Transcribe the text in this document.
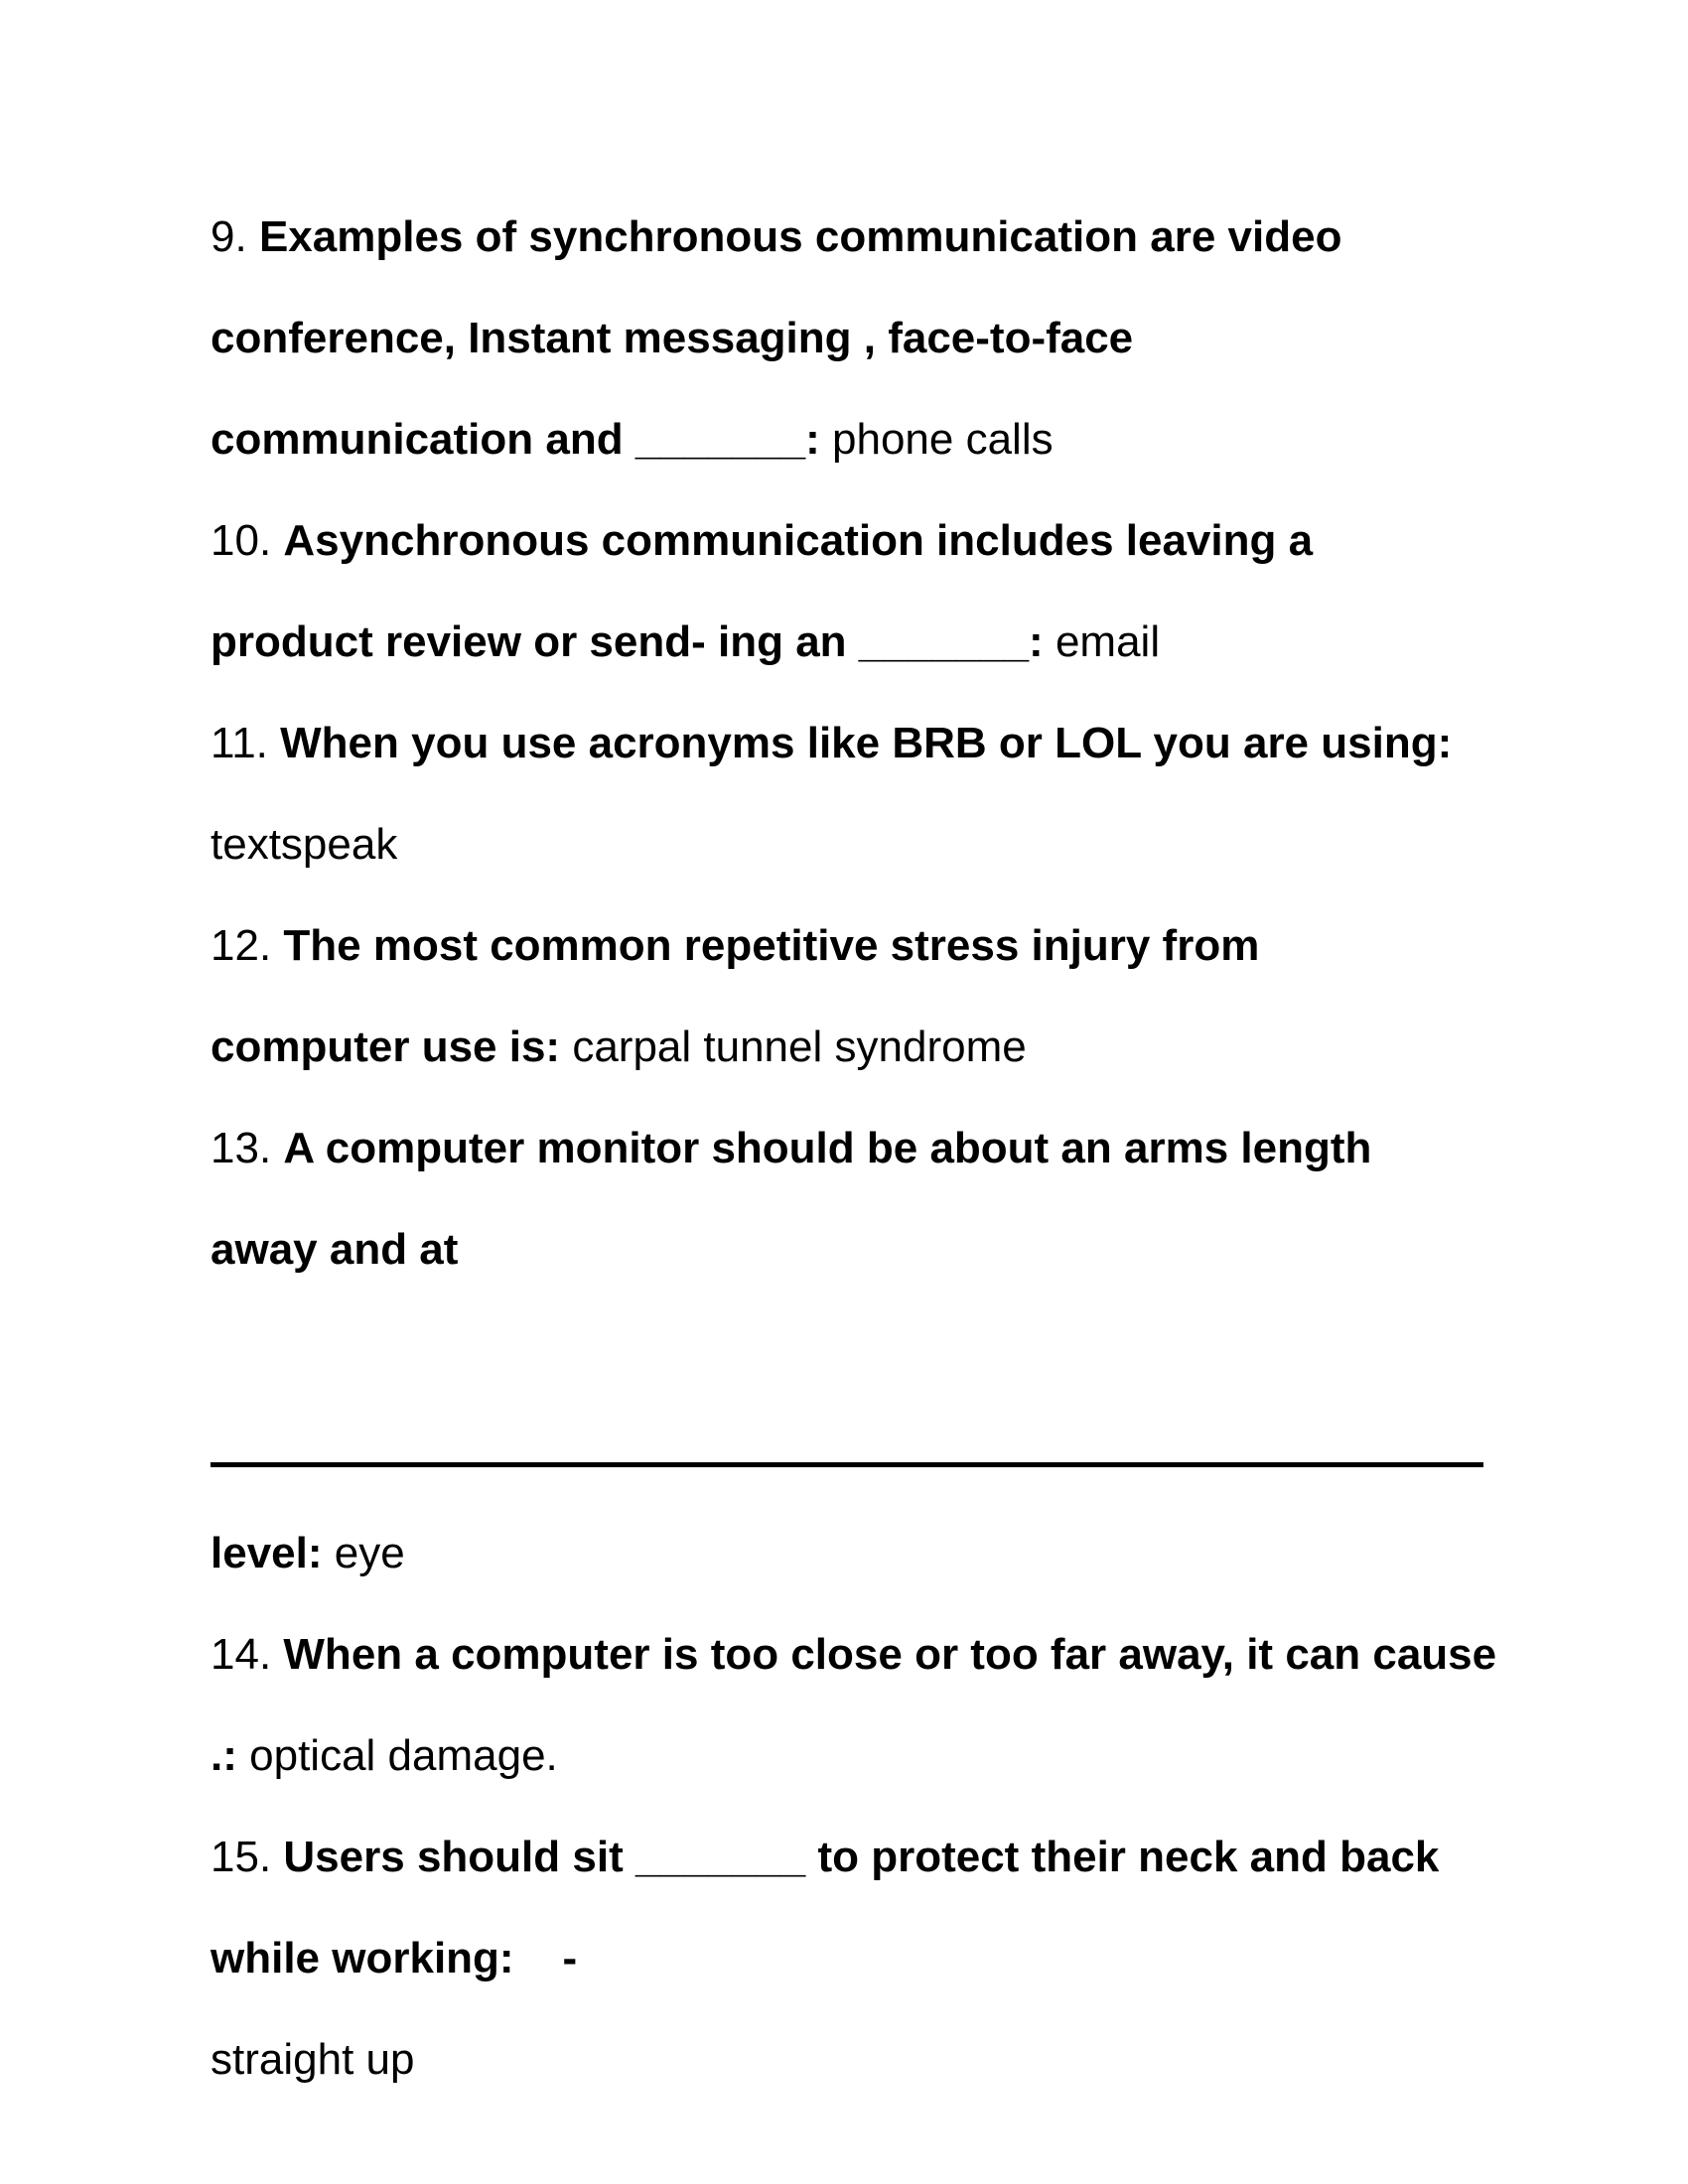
9. Examples of synchronous communication are video
conference, Instant messaging , face-to-face
communication and _______: phone calls
10. Asynchronous communication includes leaving a
product review or send- ing an _______: email
11. When you use acronyms like BRB or LOL you are using:
textspeak
12. The most common repetitive stress injury from
computer use is: carpal tunnel syndrome
13. A computer monitor should be about an arms length
away and at
level: eye
14. When a computer is too close or too far away, it can cause
.: optical damage.
15. Users should sit _______ to protect their neck and back
while working:    -
straight up
